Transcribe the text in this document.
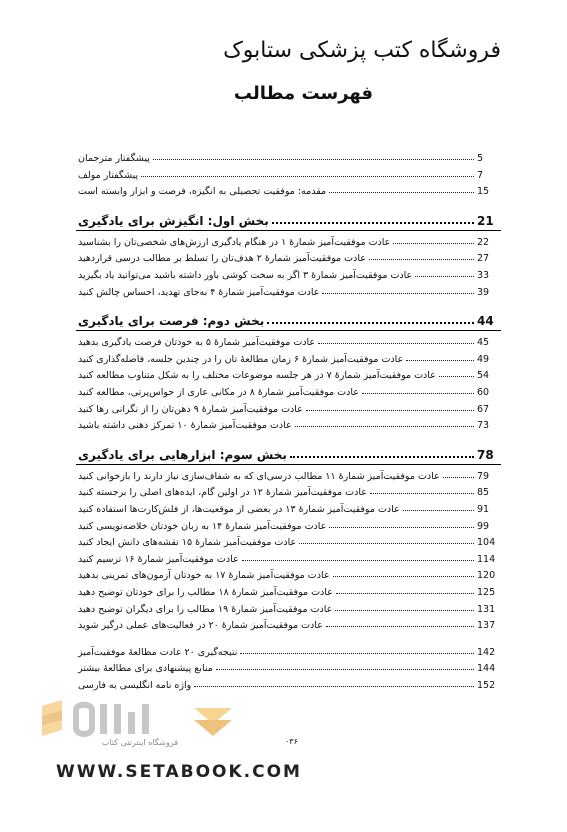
فروشگاه کتب پزشکی ستابوک
فهرست مطالب
پیشگفتار مترجمان	5
پیشگفتار مولف	7
مقدمه: موفقیت تحصیلی به انگیزه، فرصت و ابزار وابسته است	15
بخش اول: انگیزش برای یادگیری	21
عادت موفقیت‌آمیز شمارهٔ ۱ در هنگام یادگیری ارزش‌های شخصی‌تان را بشناسید	22
عادت موفقیت‌آمیز شمارهٔ ۲ هدف‌تان را تسلط بر مطالب درسی قراردهید	27
عادت موفقیت‌آمیز شمارهٔ ۳ اگر به سخت کوشی باور داشته باشید می‌توانید یاد بگیرید	33
عادت موفقیت‌آمیز شمارهٔ ۴ به‌جای تهدید، احساس چالش کنید	39
بخش دوم: فرصت برای یادگیری	44
عادت موفقیت‌آمیز شمارهٔ ۵ به خودتان فرصت یادگیری بدهید	45
عادت موفقیت‌آمیز شمارهٔ ۶ زمان مطالعهٔ تان را در چندین جلسه، فاصله‌گذاری کنید	49
عادت موفقیت‌آمیز شمارهٔ ۷ در هر جلسه موضوعات مختلف را به شکل متناوب مطالعه کنید	54
عادت موفقیت‌آمیز شمارهٔ ۸ در مکانی عاری از حواس‌پرتی، مطالعه کنید	60
عادت موفقیت‌آمیز شمارهٔ ۹ ذهن‌تان را از نگرانی رها کنید	67
عادت موفقیت‌آمیز شمارهٔ ۱۰ تمرکز ذهنی داشته باشید	73
بخش سوم: ابزارهایی برای یادگیری	78
عادت موفقیت‌آمیز شمارهٔ ۱۱ مطالب درسی‌ای که به شفاف‌سازی نیاز دارند را بازخوانی کنید	79
عادت موفقیت‌آمیز شمارهٔ ۱۲ در اولین گام، ایده‌های اصلی را برجسته کنید	85
عادت موفقیت‌آمیز شمارهٔ ۱۳ در بعضی از موقعیت‌ها، از فلش‌کارت‌ها استفاده کنید	91
عادت موفقیت‌آمیز شمارهٔ ۱۴ به زبان خودتان خلاصه‌نویسی کنید	99
عادت موفقیت‌آمیز شمارهٔ ۱۵ نقشه‌های دانش ایجاد کنید	104
عادت موفقیت‌آمیز شمارهٔ ۱۶ ترسیم کنید	114
عادت موفقیت‌آمیز شمارهٔ ۱۷ به خودتان آزمون‌های تمرینی بدهید	120
عادت موفقیت‌آمیز شمارهٔ ۱۸ مطالب را برای خودتان توضیح دهید	125
عادت موفقیت‌آمیز شمارهٔ ۱۹ مطالب را برای دیگران توضیح دهید	131
عادت موفقیت‌آمیز شمارهٔ ۲۰ در فعالیت‌های عملی درگیر شوید	137
نتیجه‌گیری ۲۰ عادت مطالعهٔ موفقیت‌آمیز	142
منابع پیشنهادی برای مطالعهٔ بیشتر	144
واژه نامه انگلیسی به فارسی	152
۰۳۶
فروشگاه اینترنتی کتاب
WWW.SETABOOK.COM
